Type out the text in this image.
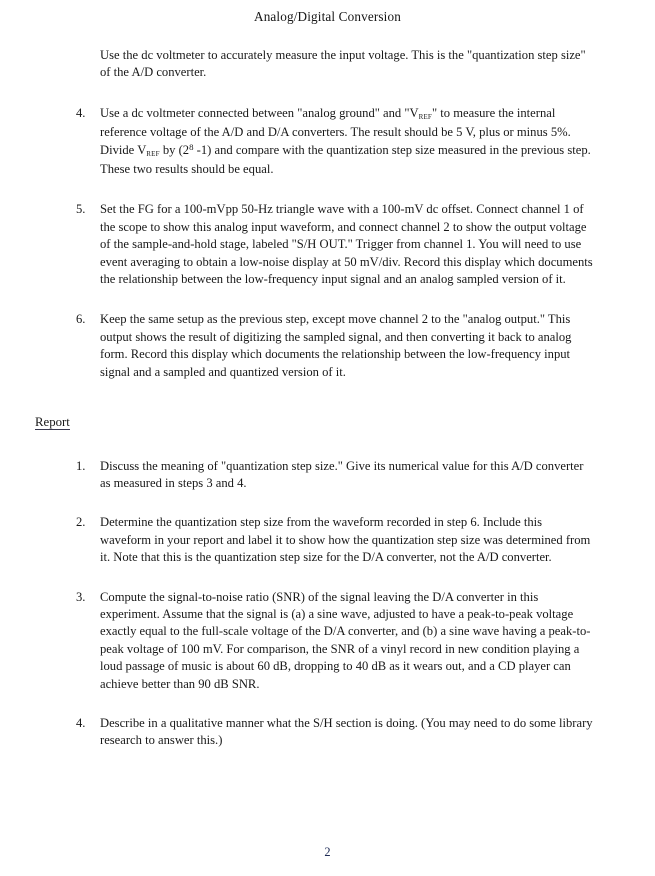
Analog/Digital Conversion

Use the dc voltmeter to accurately measure the input voltage. This is the "quantization step size" of the A/D converter.

4. Use a dc voltmeter connected between "analog ground" and "$V_{ref}$" to measure the internal reference voltage of the A/D and D/A converters. The result should be 5 V, plus or minus 5%. Divide $V_{ref}$ by ($2^8$ -1) and compare with the quantization step size measured in the previous step. These two results should be equal.
5. Set the FG for a 100-mVpp 50-Hz triangle wave with a 100-mV dc offset. Connect channel 1 of the scope to show this analog input waveform, and connect channel 2 to show the output voltage of the sample-and-hold stage, labeled "S/H OUT." Trigger from channel 1. You will need to use event averaging to obtain a low-noise display at 50 mV/div. Record this display which documents the relationship between the low-frequency input signal and an analog sampled version of it.
6. Keep the same setup as the previous step, except move channel 2 to the "analog output." This output shows the result of digitizing the sampled signal, and then converting it back to analog form. Record this display which documents the relationship between the low-frequency input signal and a sampled and quantized version of it.
Report
1. Discuss the meaning of "quantization step size." Give its numerical value for this A/D converter as measured in steps 3 and 4.
2. Determine the quantization step size from the waveform recorded in step 6. Include this waveform in your report and label it to show how the quantization step size was determined from it. Note that this is the quantization step size for the D/A converter, not the A/D converter.
3. Compute the signal-to-noise ratio (SNR) of the signal leaving the D/A converter in this experiment. Assume that the signal is (a) a sine wave, adjusted to have a peak-to-peak voltage exactly equal to the full-scale voltage of the D/A converter, and (b) a sine wave having a peak-to-peak voltage of 100 mV. For comparison, the SNR of a vinyl record in new condition playing a loud passage of music is about 60 dB, dropping to 40 dB as it wears out, and a CD player can achieve better than 90 dB SNR.
4. Describe in a qualitative manner what the S/H section is doing. (You may need to do some library research to answer this.)
2
